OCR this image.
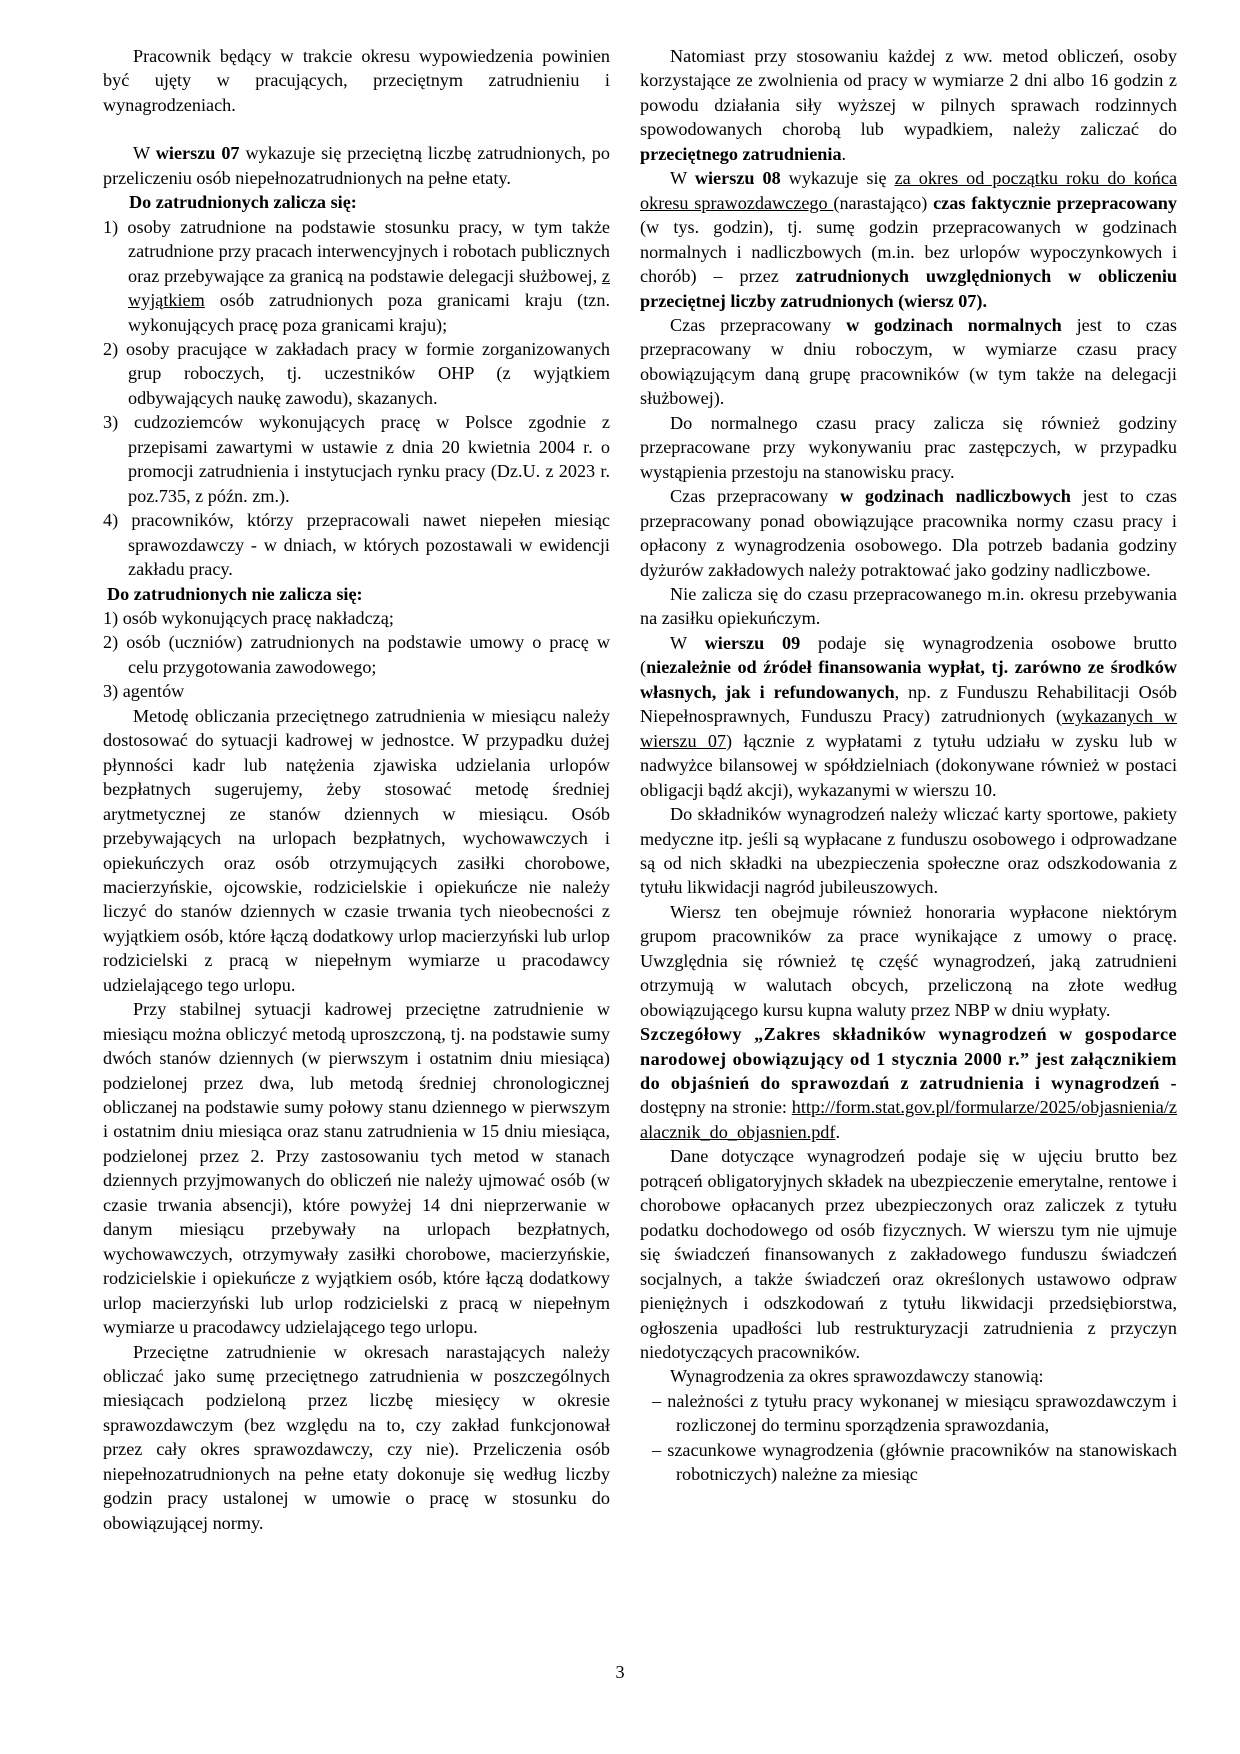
Pracownik będący w trakcie okresu wypowiedzenia powinien być ujęty w pracujących, przeciętnym zatrudnieniu i wynagrodzeniach.

W wierszu 07 wykazuje się przeciętną liczbę zatrudnionych, po przeliczeniu osób niepełnozatrudnionych na pełne etaty.

Do zatrudnionych zalicza się:

1) osoby zatrudnione na podstawie stosunku pracy, w tym także zatrudnione przy pracach interwencyjnych i robotach publicznych oraz przebywające za granicą na podstawie delegacji służbowej, z wyjątkiem osób zatrudnionych poza granicami kraju (tzn. wykonujących pracę poza granicami kraju);

2) osoby pracujące w zakładach pracy w formie zorganizowanych grup roboczych, tj. uczestników OHP (z wyjątkiem odbywających naukę zawodu), skazanych.

3) cudzoziemców wykonujących pracę w Polsce zgodnie z przepisami zawartymi w ustawie z dnia 20 kwietnia 2004 r. o promocji zatrudnienia i instytucjach rynku pracy (Dz.U. z 2023 r. poz.735, z późn. zm.).

4) pracowników, którzy przepracowali nawet niepełen miesiąc sprawozdawczy - w dniach, w których pozostawali w ewidencji zakładu pracy.

Do zatrudnionych nie zalicza się:

1) osób wykonujących pracę nakładczą;

2) osób (uczniów) zatrudnionych na podstawie umowy o pracę w celu przygotowania zawodowego;

3) agentów

Metodę obliczania przeciętnego zatrudnienia w miesiącu należy dostosować do sytuacji kadrowej w jednostce. W przypadku dużej płynności kadr lub natężenia zjawiska udzielania urlopów bezpłatnych sugerujemy, żeby stosować metodę średniej arytmetycznej ze stanów dziennych w miesiącu. Osób przebywających na urlopach bezpłatnych, wychowawczych i opiekuńczych oraz osób otrzymujących zasiłki chorobowe, macierzyńskie, ojcowskie, rodzicielskie i opiekuńcze nie należy liczyć do stanów dziennych w czasie trwania tych nieobecności z wyjątkiem osób, które łączą dodatkowy urlop macierzyński lub urlop rodzicielski z pracą w niepełnym wymiarze u pracodawcy udzielającego tego urlopu.

Przy stabilnej sytuacji kadrowej przeciętne zatrudnienie w miesiącu można obliczyć metodą uproszczoną, tj. na podstawie sumy dwóch stanów dziennych (w pierwszym i ostatnim dniu miesiąca) podzielonej przez dwa, lub metodą średniej chronologicznej obliczanej na podstawie sumy połowy stanu dziennego w pierwszym i ostatnim dniu miesiąca oraz stanu zatrudnienia w 15 dniu miesiąca, podzielonej przez 2. Przy zastosowaniu tych metod w stanach dziennych przyjmowanych do obliczeń nie należy ujmować osób (w czasie trwania absencji), które powyżej 14 dni nieprzerwanie w danym miesiącu przebywały na urlopach bezpłatnych, wychowawczych, otrzymywały zasiłki chorobowe, macierzyńskie, rodzicielskie i opiekuńcze z wyjątkiem osób, które łączą dodatkowy urlop macierzyński lub urlop rodzicielski z pracą w niepełnym wymiarze u pracodawcy udzielającego tego urlopu.

Przeciętne zatrudnienie w okresach narastających należy obliczać jako sumę przeciętnego zatrudnienia w poszczególnych miesiącach podzieloną przez liczbę miesięcy w okresie sprawozdawczym (bez względu na to, czy zakład funkcjonował przez cały okres sprawozdawczy, czy nie). Przeliczenia osób niepełnozatrudnionych na pełne etaty dokonuje się według liczby godzin pracy ustalonej w umowie o pracę w stosunku do obowiązującej normy.

Natomiast przy stosowaniu każdej z ww. metod obliczeń, osoby korzystające ze zwolnienia od pracy w wymiarze 2 dni albo 16 godzin z powodu działania siły wyższej w pilnych sprawach rodzinnych spowodowanych chorobą lub wypadkiem, należy zaliczać do przeciętnego zatrudnienia.

W wierszu 08 wykazuje się za okres od początku roku do końca okresu sprawozdawczego (narastająco) czas faktycznie przepracowany (w tys. godzin), tj. sumę godzin przepracowanych w godzinach normalnych i nadliczbowych (m.in. bez urlopów wypoczynkowych i chorób) – przez zatrudnionych uwzględnionych w obliczeniu przeciętnej liczby zatrudnionych (wiersz 07).

Czas przepracowany w godzinach normalnych jest to czas przepracowany w dniu roboczym, w wymiarze czasu pracy obowiązującym daną grupę pracowników (w tym także na delegacji służbowej).

Do normalnego czasu pracy zalicza się również godziny przepracowane przy wykonywaniu prac zastępczych, w przypadku wystąpienia przestoju na stanowisku pracy.

Czas przepracowany w godzinach nadliczbowych jest to czas przepracowany ponad obowiązujące pracownika normy czasu pracy i opłacony z wynagrodzenia osobowego. Dla potrzeb badania godziny dyżurów zakładowych należy potraktować jako godziny nadliczbowe.

Nie zalicza się do czasu przepracowanego m.in. okresu przebywania na zasiłku opiekuńczym.

W wierszu 09 podaje się wynagrodzenia osobowe brutto (niezależnie od źródeł finansowania wypłat, tj. zarówno ze środków własnych, jak i refundowanych, np. z Funduszu Rehabilitacji Osób Niepełnosprawnych, Funduszu Pracy) zatrudnionych (wykazanych w wierszu 07) łącznie z wypłatami z tytułu udziału w zysku lub w nadwyżce bilansowej w spółdzielniach (dokonywane również w postaci obligacji bądź akcji), wykazanymi w wierszu 10.

Do składników wynagrodzeń należy wliczać karty sportowe, pakiety medyczne itp. jeśli są wypłacane z funduszu osobowego i odprowadzane są od nich składki na ubezpieczenia społeczne oraz odszkodowania z tytułu likwidacji nagród jubileuszowych.

Wiersz ten obejmuje również honoraria wypłacone niektórym grupom pracowników za prace wynikające z umowy o pracę. Uwzględnia się również tę część wynagrodzeń, jaką zatrudnieni otrzymują w walutach obcych, przeliczoną na złote według obowiązującego kursu kupna waluty przez NBP w dniu wypłaty.

Szczegółowy „Zakres składników wynagrodzeń w gospodarce narodowej obowiązujący od 1 stycznia 2000 r.” jest załącznikiem do objaśnień do sprawozdań z zatrudnienia i wynagrodzeń - dostępny na stronie: http://form.stat.gov.pl/formularze/2025/objasnienia/zalacznik_do_objasnien.pdf.

Dane dotyczące wynagrodzeń podaje się w ujęciu brutto bez potrąceń obligatoryjnych składek na ubezpieczenie emerytalne, rentowe i chorobowe opłacanych przez ubezpieczonych oraz zaliczek z tytułu podatku dochodowego od osób fizycznych. W wierszu tym nie ujmuje się świadczeń finansowanych z zakładowego funduszu świadczeń socjalnych, a także świadczeń oraz określonych ustawowo odpraw pieniężnych i odszkodowań z tytułu likwidacji przedsiębiorstwa, ogłoszenia upadłości lub restrukturyzacji zatrudnienia z przyczyn niedotyczących pracowników.

Wynagrodzenia za okres sprawozdawczy stanowią:

– należności z tytułu pracy wykonanej w miesiącu sprawozdawczym i rozliczonej do terminu sporządzenia sprawozdania,

– szacunkowe wynagrodzenia (głównie pracowników na stanowiskach robotniczych) należne za miesiąc

3
